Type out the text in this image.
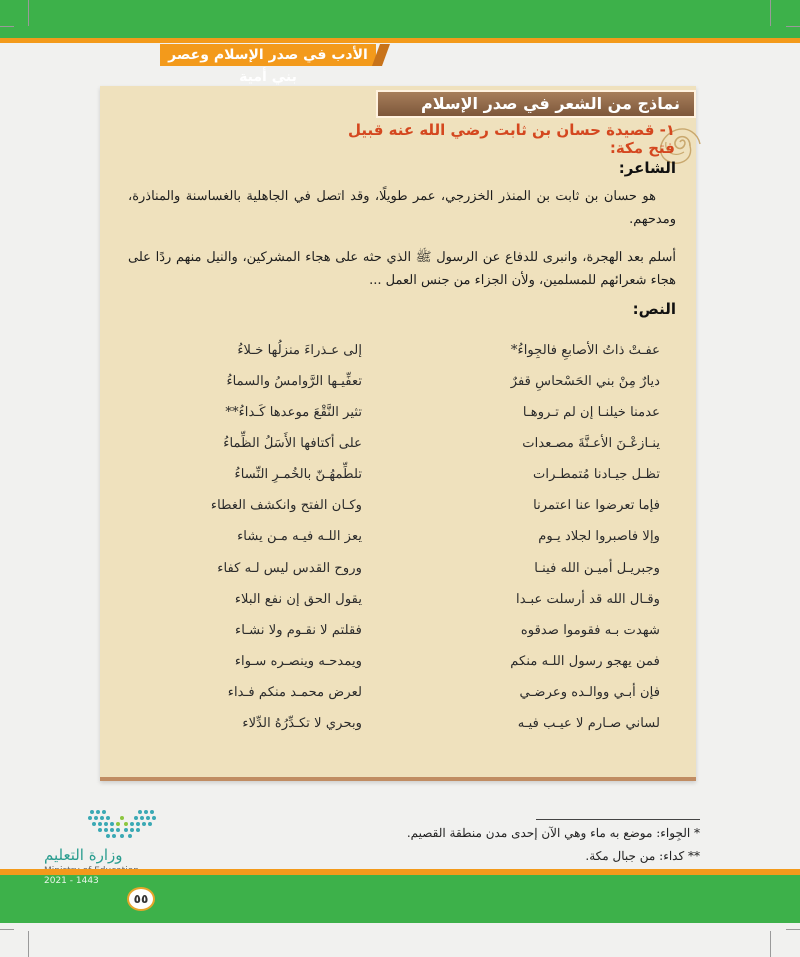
الأدب في صدر الإسلام وعصر بني أمية
نماذج من الشعر في صدر الإسلام
١- قصيدة حسان بن ثابت رضي الله عنه قبيل فتح مكة:
الشاعر:
هو حسان بن ثابت بن المنذر الخزرجي، عمر طويلًا، وقد اتصل في الجاهلية بالغساسنة والمناذرة، ومدحهم.
أسلم بعد الهجرة، وانبرى للدفاع عن الرسول ﷺ الذي حثه على هجاء المشركين، والنيل منهم ردًا على هجاء شعرائهم للمسلمين، ولأن الجزاء من جنس العمل ...
النص:
عفـتْ ذاتُ الأصابعِ فالجِواءُ*
إلى عـذراءَ منزلُها خـلاءُ
ديارٌ مِنْ بني الحَسْحاسِ قفرٌ
تعفِّيـها الرَّوامسُ والسماءُ
عدمنا خيلنـا إن لم تـروهـا
تثير النَّقْعَ موعدها كَـداءُ**
ينـازعْـنَ الأعـنَّةَ مصـعدات
على أكتافها الأَسَلُ الظِّماءُ
تظـل جيـادنا مُتمطـرات
تلطِّمهُـنّ بالخُمـرِ النِّساءُ
فإما تعرضوا عنا اعتمرنا
وكـان الفتح وانكشف الغطاء
وإلا فاصبروا لجلاد يـوم
يعز اللـه فيـه مـن يشاء
وجبريـل أميـن الله فينـا
وروح القدس ليس لـه كفاء
وقـال الله قد أرسلت عبـدا
يقول الحق إن نفع البلاء
شهدت بـه فقوموا صدقوه
فقلتم لا نقـوم ولا نشـاء
فمن يهجو رسول اللـه منكم
ويمدحـه وينصـره سـواء
فإن أبـي ووالـده وعرضـي
لعرض محمـد منكم فـداء
لساني صـارم لا عيـب فيـه
وبحري لا تكـدِّرُهُ الدِّلاء
* الجِواء: موضع به ماء وهي الآن إحدى مدن منطقة القصيم.
** كداء: من جبال مكة.
وزارة التعليم
2021 - 1443
٥٥
